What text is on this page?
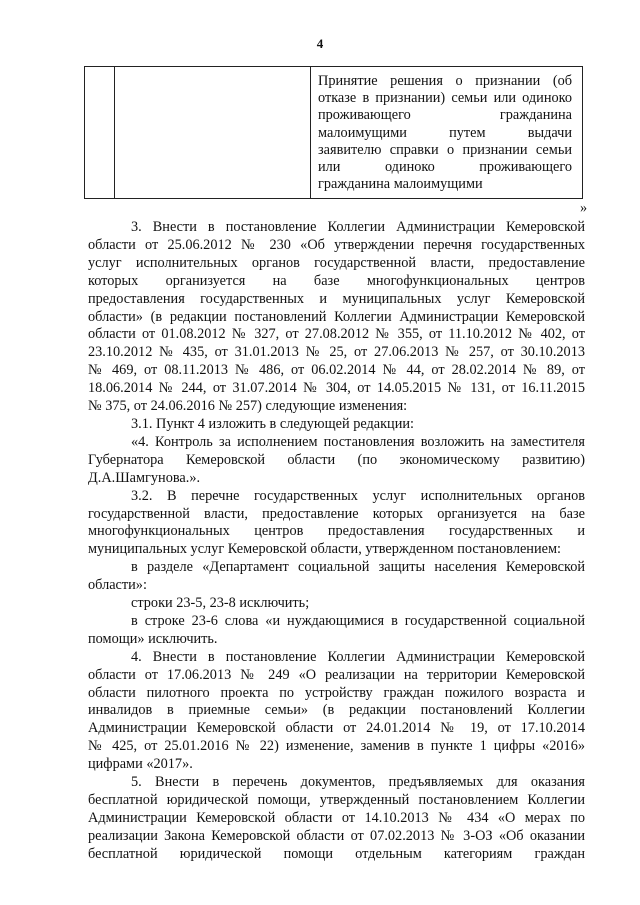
4

Принятие решения о признании (об
отказе в признании) семьи или одиноко
проживающего гражданина
малоимущими путем выдачи
заявителю справки о признании семьи
или одиноко проживающего
гражданина малоимущими
»
3. Внести в постановление Коллегии Администрации Кемеровской
области от 25.06.2012 № 230 «Об утверждении перечня государственных
услуг исполнительных органов государственной власти, предоставление
которых организуется на базе многофункциональных центров
предоставления государственных и муниципальных услуг Кемеровской
области» (в редакции постановлений Коллегии Администрации Кемеровской
области от 01.08.2012 № 327, от 27.08.2012 № 355, от 11.10.2012 № 402, от
23.10.2012 № 435, от 31.01.2013 № 25, от 27.06.2013 № 257, от 30.10.2013
№ 469, от 08.11.2013 № 486, от 06.02.2014 № 44, от 28.02.2014 № 89, от
18.06.2014 № 244, от 31.07.2014 № 304, от 14.05.2015 № 131, от 16.11.2015
№ 375, от 24.06.2016 № 257) следующие изменения:
3.1. Пункт 4 изложить в следующей редакции:
«4. Контроль за исполнением постановления возложить на заместителя
Губернатора Кемеровской области (по экономическому развитию)
Д.А.Шамгунова.».
3.2. В перечне государственных услуг исполнительных органов
государственной власти, предоставление которых организуется на базе
многофункциональных центров предоставления государственных и
муниципальных услуг Кемеровской области, утвержденном постановлением:
в разделе «Департамент социальной защиты населения Кемеровской
области»:
строки 23-5, 23-8 исключить;
в строке 23-6 слова «и нуждающимися в государственной социальной
помощи» исключить.
4. Внести в постановление Коллегии Администрации Кемеровской
области от 17.06.2013 № 249 «О реализации на территории Кемеровской
области пилотного проекта по устройству граждан пожилого возраста и
инвалидов в приемные семьи» (в редакции постановлений Коллегии
Администрации Кемеровской области от 24.01.2014 № 19, от 17.10.2014
№ 425, от 25.01.2016 № 22) изменение, заменив в пункте 1 цифры «2016»
цифрами «2017».
5. Внести в перечень документов, предъявляемых для оказания
бесплатной юридической помощи, утвержденный постановлением Коллегии
Администрации Кемеровской области от 14.10.2013 № 434 «О мерах по
реализации Закона Кемеровской области от 07.02.2013 № 3-ОЗ «Об оказании
бесплатной юридической помощи отдельным категориям граждан
